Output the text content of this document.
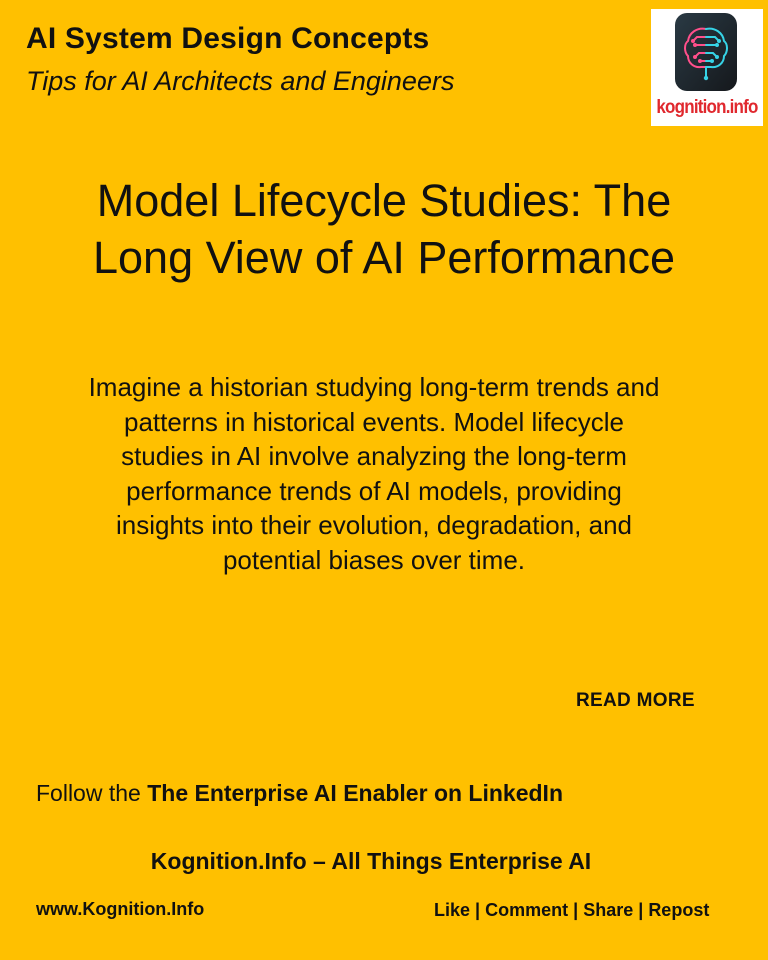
AI System Design Concepts

Tips for AI Architects and Engineers

kognition.info
Model Lifecycle Studies: The
Long View of AI Performance

Imagine a historian studying long-term trends and
patterns in historical events. Model lifecycle
studies in AI involve analyzing the long-term
performance trends of AI models, providing
insights into their evolution, degradation, and
potential biases over time.

READ MORE
Follow the The Enterprise AI Enabler on LinkedIn
Kognition.Info – All Things Enterprise AI
www.Kognition.Info	Like | Comment | Share | Repost
